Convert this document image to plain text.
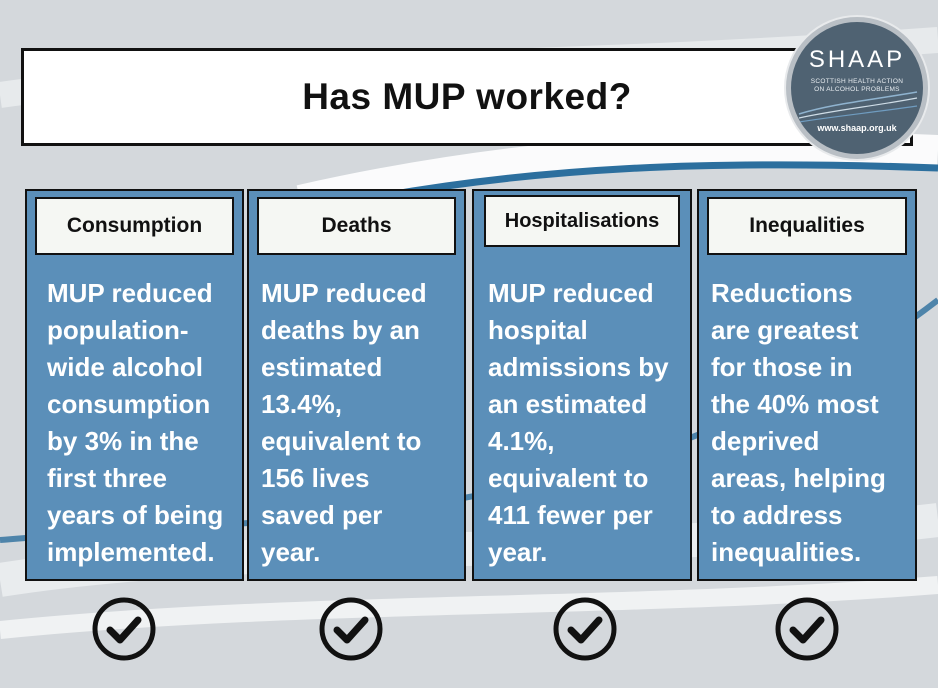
Has MUP worked?
SHAAP
SCOTTISH HEALTH ACTION
ON ALCOHOL PROBLEMS
www.shaap.org.uk
Consumption
MUP reduced
population-
wide alcohol
consumption
by 3% in the
first three
years of being
implemented.
Deaths
MUP reduced
deaths by an
estimated
13.4%,
equivalent to
156 lives
saved per
year.
Hospitalisations
MUP reduced
hospital
admissions by
an estimated
4.1%,
equivalent to
411 fewer per
year.
Inequalities
Reductions
are greatest
for those in
the 40% most
deprived
areas, helping
to address
inequalities.
